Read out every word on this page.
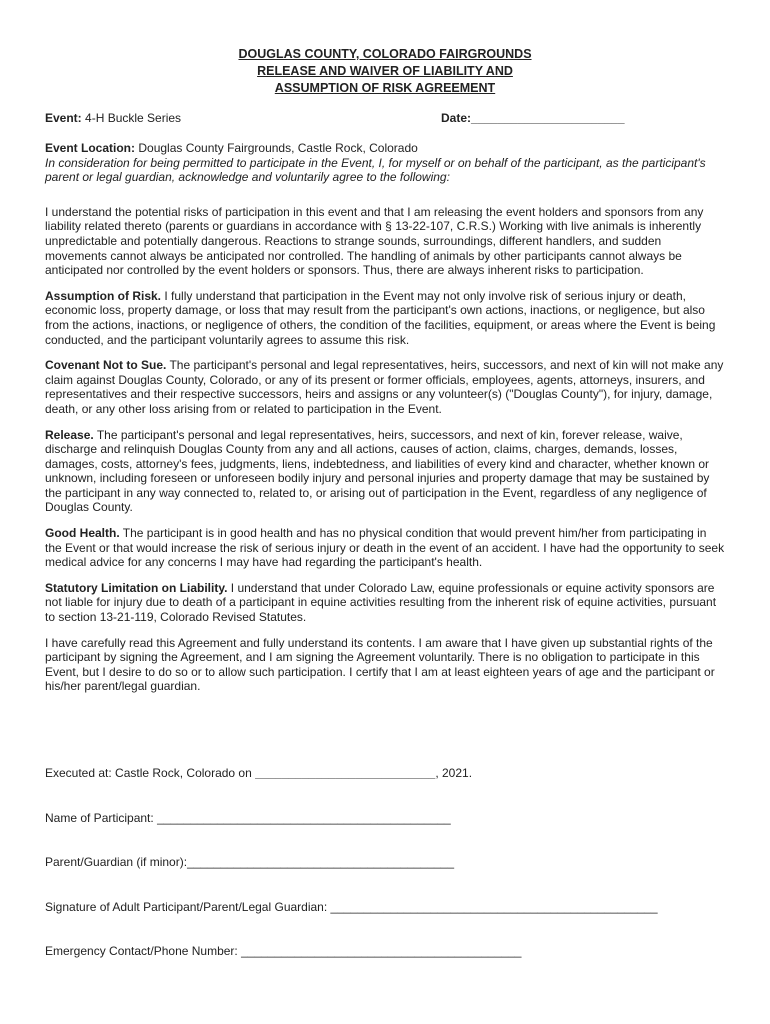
DOUGLAS COUNTY, COLORADO FAIRGROUNDS
RELEASE AND WAIVER OF LIABILITY AND
ASSUMPTION OF RISK AGREEMENT
Event: 4-H Buckle Series	Date:_______________________

Event Location: Douglas County Fairgrounds, Castle Rock, Colorado

In consideration for being permitted to participate in the Event, I, for myself or on behalf of the participant, as the participant's parent or legal guardian, acknowledge and voluntarily agree to the following:

I understand the potential risks of participation in this event and that I am releasing the event holders and sponsors from any liability related thereto (parents or guardians in accordance with § 13-22-107, C.R.S.) Working with live animals is inherently unpredictable and potentially dangerous. Reactions to strange sounds, surroundings, different handlers, and sudden movements cannot always be anticipated nor controlled. The handling of animals by other participants cannot always be anticipated nor controlled by the event holders or sponsors. Thus, there are always inherent risks to participation.

Assumption of Risk. I fully understand that participation in the Event may not only involve risk of serious injury or death, economic loss, property damage, or loss that may result from the participant's own actions, inactions, or negligence, but also from the actions, inactions, or negligence of others, the condition of the facilities, equipment, or areas where the Event is being conducted, and the participant voluntarily agrees to assume this risk.

Covenant Not to Sue. The participant's personal and legal representatives, heirs, successors, and next of kin will not make any claim against Douglas County, Colorado, or any of its present or former officials, employees, agents, attorneys, insurers, and representatives and their respective successors, heirs and assigns or any volunteer(s) ("Douglas County"), for injury, damage, death, or any other loss arising from or related to participation in the Event.

Release. The participant's personal and legal representatives, heirs, successors, and next of kin, forever release, waive, discharge and relinquish Douglas County from any and all actions, causes of action, claims, charges, demands, losses, damages, costs, attorney's fees, judgments, liens, indebtedness, and liabilities of every kind and character, whether known or unknown, including foreseen or unforeseen bodily injury and personal injuries and property damage that may be sustained by the participant in any way connected to, related to, or arising out of participation in the Event, regardless of any negligence of Douglas County.

Good Health. The participant is in good health and has no physical condition that would prevent him/her from participating in the Event or that would increase the risk of serious injury or death in the event of an accident. I have had the opportunity to seek medical advice for any concerns I may have had regarding the participant's health.

Statutory Limitation on Liability. I understand that under Colorado Law, equine professionals or equine activity sponsors are not liable for injury due to death of a participant in equine activities resulting from the inherent risk of equine activities, pursuant to section 13-21-119, Colorado Revised Statutes.

I have carefully read this Agreement and fully understand its contents. I am aware that I have given up substantial rights of the participant by signing the Agreement, and I am signing the Agreement voluntarily. There is no obligation to participate in this Event, but I desire to do so or to allow such participation. I certify that I am at least eighteen years of age and the participant or his/her parent/legal guardian.

Executed at: Castle Rock, Colorado on ___________________________, 2021.
Name of Participant: ____________________________________________
Parent/Guardian (if minor):________________________________________
Signature of Adult Participant/Parent/Legal Guardian: _________________________________________________
Emergency Contact/Phone Number: __________________________________________
